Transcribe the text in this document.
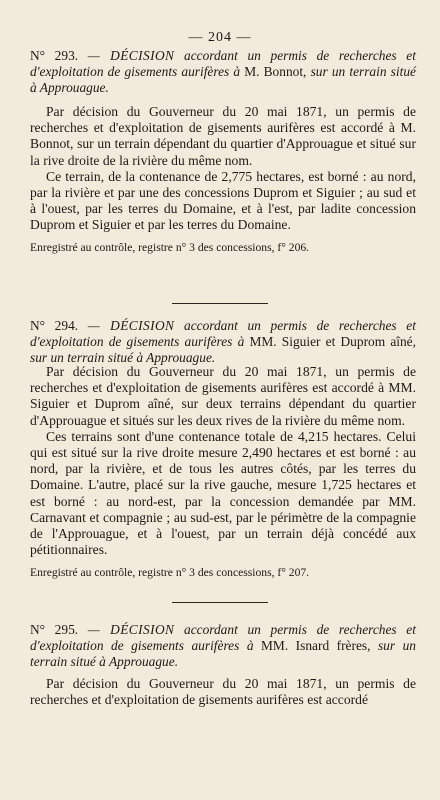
— 204 —

N° 293. — DÉCISION accordant un permis de recherches et d'exploitation de gisements aurifères à M. Bonnot, sur un terrain situé à Approuague.

Par décision du Gouverneur du 20 mai 1871, un permis de recherches et d'exploitation de gisements aurifères est accordé à M. Bonnot, sur un terrain dépendant du quartier d'Approuague et situé sur la rive droite de la rivière du même nom.

Ce terrain, de la contenance de 2,775 hectares, est borné : au nord, par la rivière et par une des concessions Duprom et Siguier ; au sud et à l'ouest, par les terres du Domaine, et à l'est, par ladite concession Duprom et Siguier et par les terres du Domaine.

Enregistré au contrôle, registre n° 3 des concessions, f° 206.

N° 294. — DÉCISION accordant un permis de recherches et d'exploitation de gisements aurifères à MM. Siguier et Duprom aîné, sur un terrain situé à Approuague.

Par décision du Gouverneur du 20 mai 1871, un permis de recherches et d'exploitation de gisements aurifères est accordé à MM. Siguier et Duprom aîné, sur deux terrains dépendant du quartier d'Approuague et situés sur les deux rives de la rivière du même nom.

Ces terrains sont d'une contenance totale de 4,215 hectares. Celui qui est situé sur la rive droite mesure 2,490 hectares et est borné : au nord, par la rivière, et de tous les autres côtés, par les terres du Domaine. L'autre, placé sur la rive gauche, mesure 1,725 hectares et est borné : au nord-est, par la concession demandée par MM. Carnavant et compagnie ; au sud-est, par le périmètre de la compagnie de l'Approuague, et à l'ouest, par un terrain déjà concédé aux pétitionnaires.

Enregistré au contrôle, registre n° 3 des concessions, f° 207.

N° 295. — DÉCISION accordant un permis de recherches et d'exploitation de gisements aurifères à MM. Isnard frères, sur un terrain situé à Approuague.

Par décision du Gouverneur du 20 mai 1871, un permis de recherches et d'exploitation de gisements aurifères est accordé
